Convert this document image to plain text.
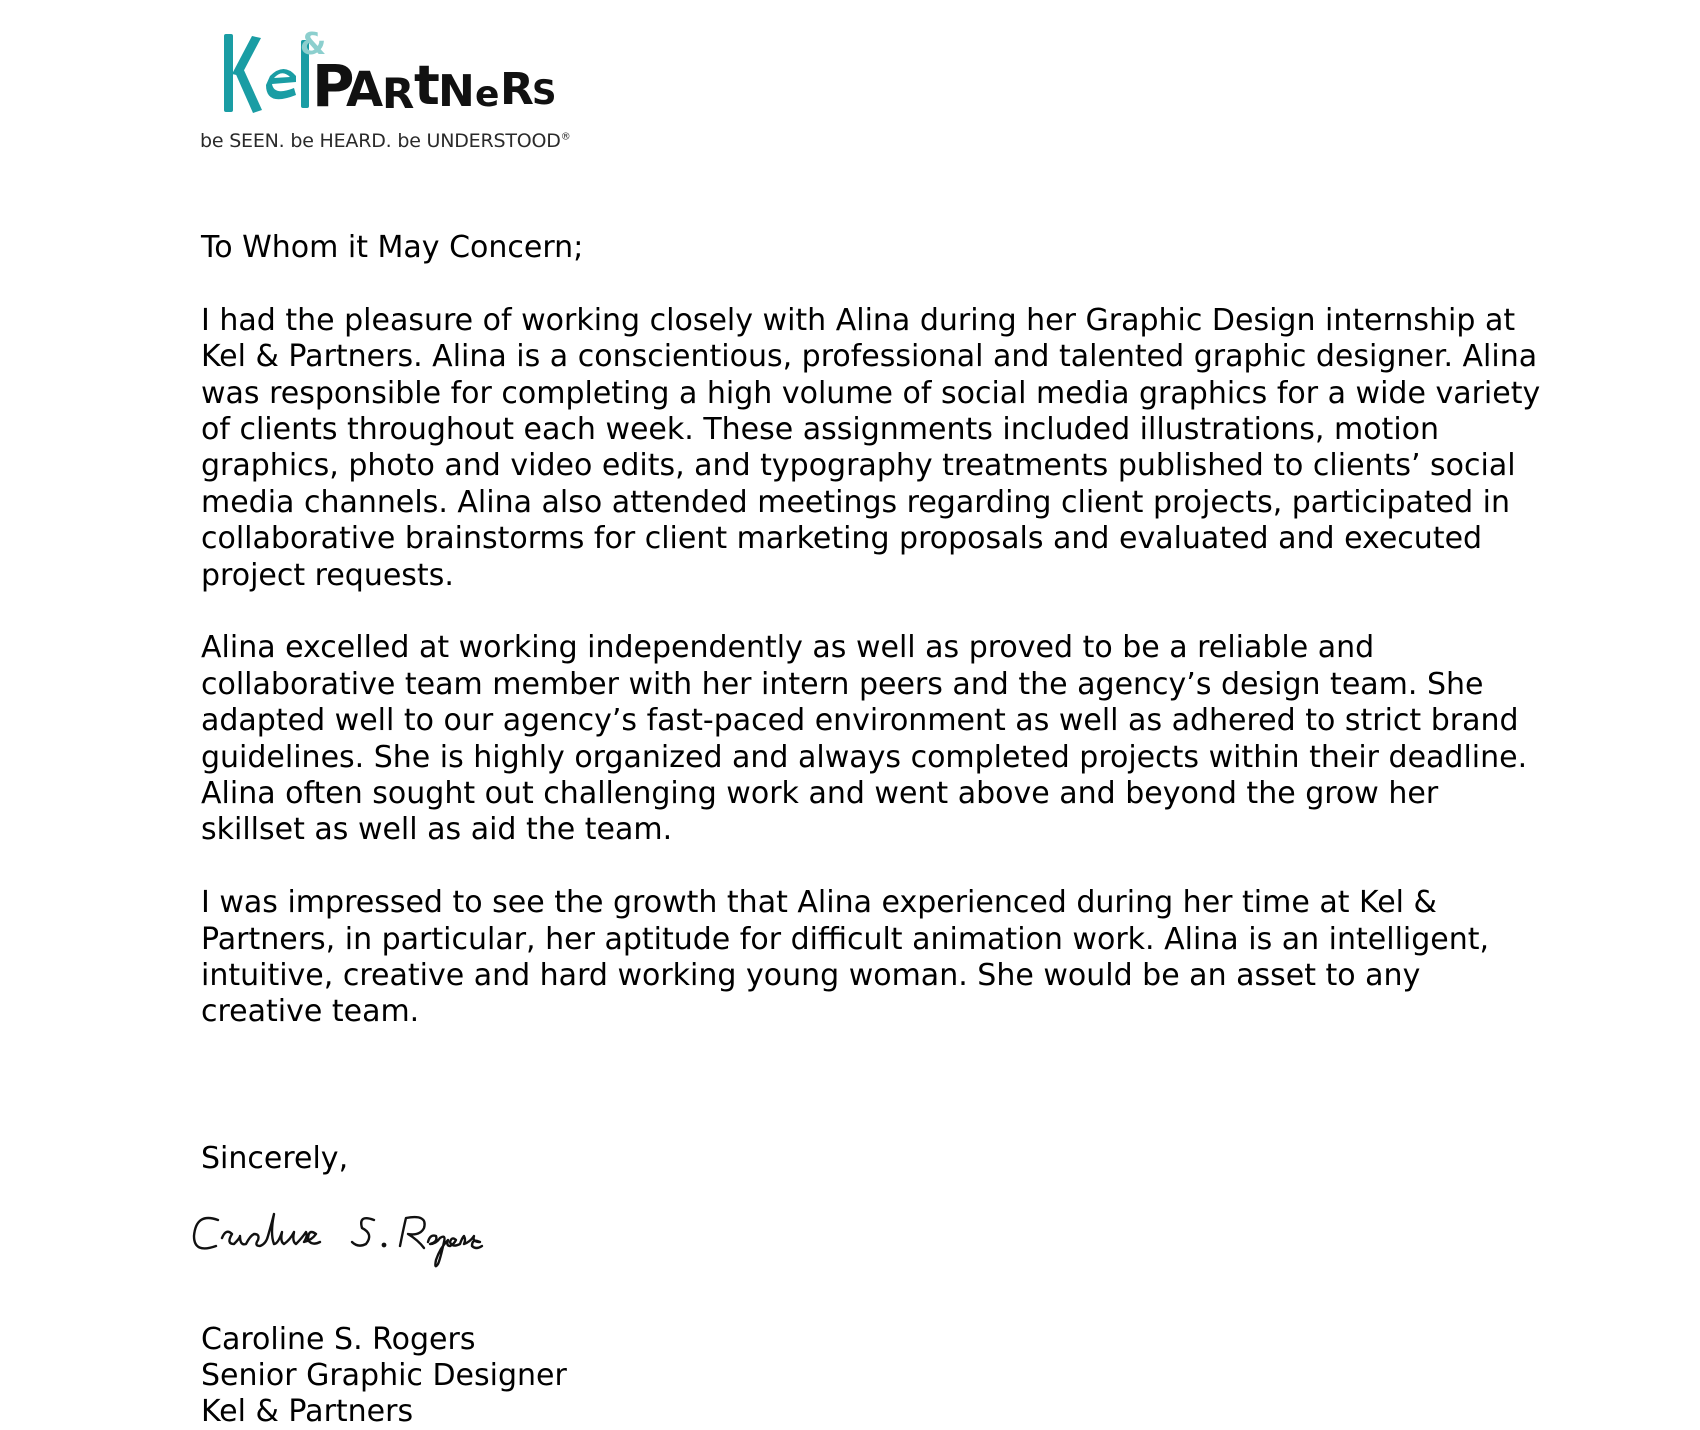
&
P
A
R t
N e R
S
be SEEN. be HEARD. be UNDERSTOOD®

To Whom it May Concern;

I had the pleasure of working closely with Alina during her Graphic Design internship at Kel & Partners. Alina is a conscientious, professional and talented graphic designer. Alina was responsible for completing a high volume of social media graphics for a wide variety of clients throughout each week. These assignments included illustrations, motion graphics, photo and video edits, and typography treatments published to clients’ social media channels. Alina also attended meetings regarding client projects, participated in collaborative brainstorms for client marketing proposals and evaluated and executed project requests.

Alina excelled at working independently as well as proved to be a reliable and collaborative team member with her intern peers and the agency’s design team. She adapted well to our agency’s fast-paced environment as well as adhered to strict brand guidelines. She is highly organized and always completed projects within their deadline. Alina often sought out challenging work and went above and beyond the grow her skillset as well as aid the team.

I was impressed to see the growth that Alina experienced during her time at Kel & Partners, in particular, her aptitude for difficult animation work. Alina is an intelligent, intuitive, creative and hard working young woman. She would be an asset to any creative team.

Sincerely,
Caroline S. Rogers
Senior Graphic Designer
Kel & Partners
